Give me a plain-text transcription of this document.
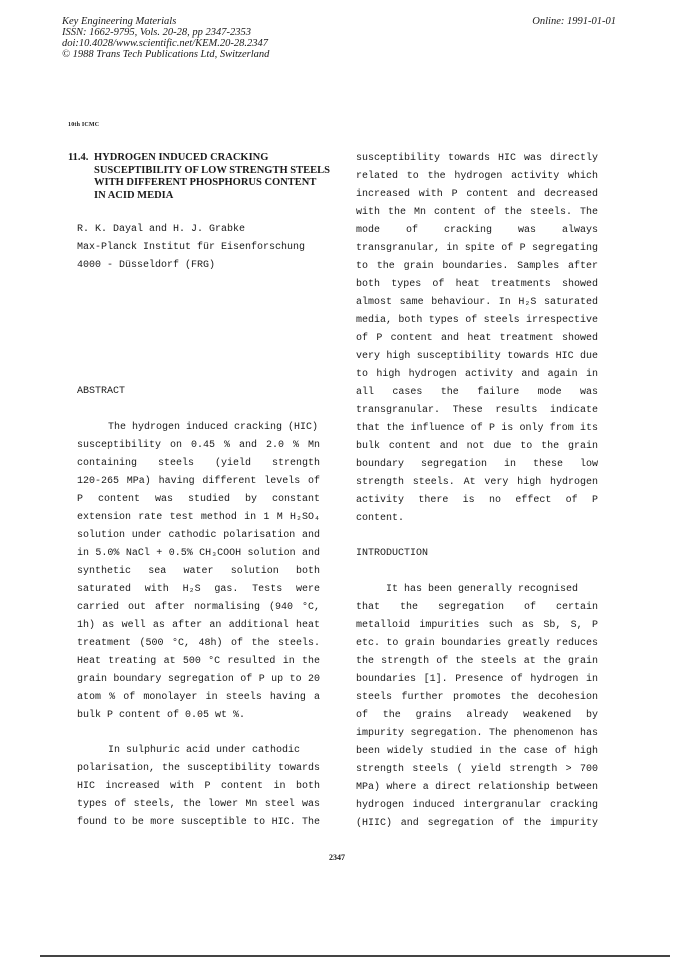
Key Engineering Materials
ISSN: 1662-9795, Vols. 20-28, pp 2347-2353
doi:10.4028/www.scientific.net/KEM.20-28.2347
© 1988 Trans Tech Publications Ltd, Switzerland
Online: 1991-01-01
10th ICMC
11.4. HYDROGEN INDUCED CRACKING
SUSCEPTIBILITY OF LOW STRENGTH STEELS
WITH DIFFERENT PHOSPHORUS CONTENT
IN ACID MEDIA
R. K. Dayal and H. J. Grabke
Max-Planck Institut für Eisenforschung
4000 - Düsseldorf (FRG)
ABSTRACT
INTRODUCTION
The hydrogen induced cracking (HIC)
susceptibility on 0.45 % and 2.0 % Mn
containing steels (yield strength
120-265 MPa) having different levels of
P content was studied by constant
extension rate test method in 1 M H₂SO₄
solution under cathodic polarisation and
in 5.0% NaCl + 0.5% CH₃COOH solution and
synthetic sea water solution both
saturated with H₂S gas. Tests were
carried out after normalising (940 °C,
1h) as well as after an additional heat
treatment (500 °C, 48h) of the steels.
Heat treating at 500 °C resulted in the
grain boundary segregation of P up to 20
atom % of monolayer in steels having a
bulk P content of 0.05 wt %.
In sulphuric acid under cathodic
polarisation, the susceptibility towards
HIC increased with P content in both
types of steels, the lower Mn steel was
found to be more susceptible to HIC. The
susceptibility towards HIC was directly
related to the hydrogen activity which
increased with P content and decreased
with the Mn content of the steels. The
mode of cracking was always
transgranular, in spite of P segregating
to the grain boundaries. Samples after
both types of heat treatments showed
almost same behaviour. In H₂S saturated
media, both types of steels irrespective
of P content and heat treatment showed
very high susceptibility towards HIC due
to high hydrogen activity and again in
all cases the failure mode was
transgranular. These results indicate
that the influence of P is only from its
bulk content and not due to the grain
boundary segregation in these low
strength steels. At very high hydrogen
activity there is no effect of P
content.
It has been generally recognised
that the segregation of certain
metalloid impurities such as Sb, S, P
etc. to grain boundaries greatly reduces
the strength of the steels at the grain
boundaries [1]. Presence of hydrogen in
steels further promotes the decohesion
of the grains already weakened by
impurity segregation. The phenomenon has
been widely studied in the case of high
strength steels ( yield strength > 700
MPa) where a direct relationship between
hydrogen induced intergranular cracking
(HIIC) and segregation of the impurity
2347
